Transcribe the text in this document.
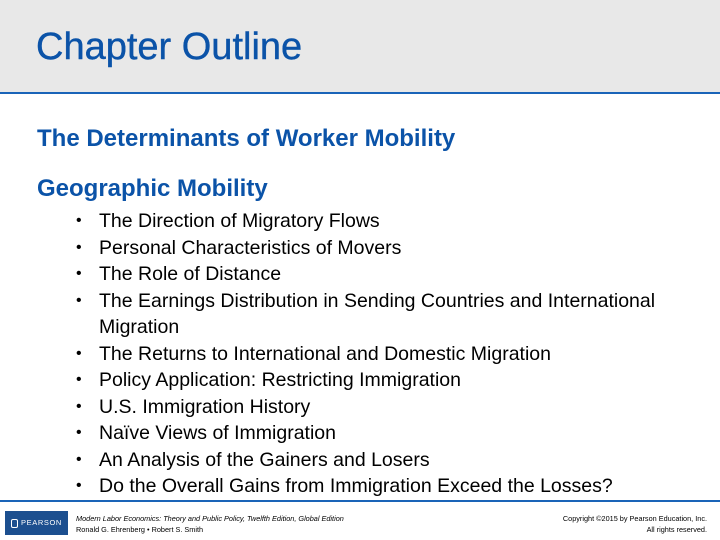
Chapter Outline
The Determinants of Worker Mobility
Geographic Mobility
• The Direction of Migratory Flows
• Personal Characteristics of Movers
• The Role of Distance
• The Earnings Distribution in Sending Countries and International Migration
• The Returns to International and Domestic Migration
• Policy Application: Restricting Immigration
• U.S. Immigration History
• Naïve Views of Immigration
• An Analysis of the Gainers and Losers
• Do the Overall Gains from Immigration Exceed the Losses?
PEARSON Modern Labor Economics: Theory and Public Policy, Twelfth Edition, Global Edition
Ronald G. Ehrenberg • Robert S. Smith
Copyright ©2015 by Pearson Education, Inc.
All rights reserved.
